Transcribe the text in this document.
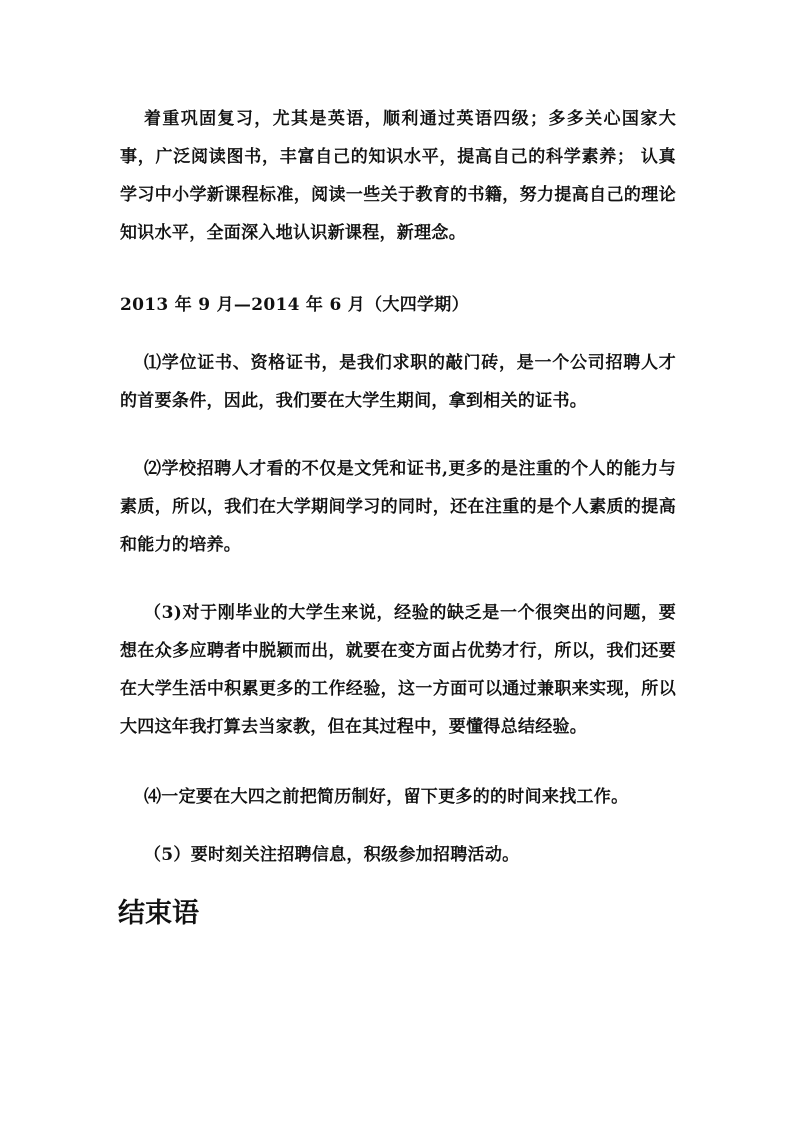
着重巩固复习，尤其是英语，顺利通过英语四级；多多关心国家大事，广泛阅读图书，丰富自己的知识水平，提高自己的科学素养； 认真学习中小学新课程标准，阅读一些关于教育的书籍，努力提高自己的理论知识水平，全面深入地认识新课程，新理念。

2013 年 9 月—2014 年 6 月（大四学期）

⑴学位证书、资格证书，是我们求职的敲门砖，是一个公司招聘人才的首要条件，因此，我们要在大学生期间，拿到相关的证书。

⑵学校招聘人才看的不仅是文凭和证书,更多的是注重的个人的能力与素质，所以，我们在大学期间学习的同时，还在注重的是个人素质的提高和能力的培养。

（3)对于刚毕业的大学生来说，经验的缺乏是一个很突出的问题，要想在众多应聘者中脱颖而出，就要在变方面占优势才行，所以，我们还要在大学生活中积累更多的工作经验，这一方面可以通过兼职来实现，所以大四这年我打算去当家教，但在其过程中，要懂得总结经验。

⑷一定要在大四之前把简历制好，留下更多的的时间来找工作。

（5）要时刻关注招聘信息，积级参加招聘活动。

结束语
